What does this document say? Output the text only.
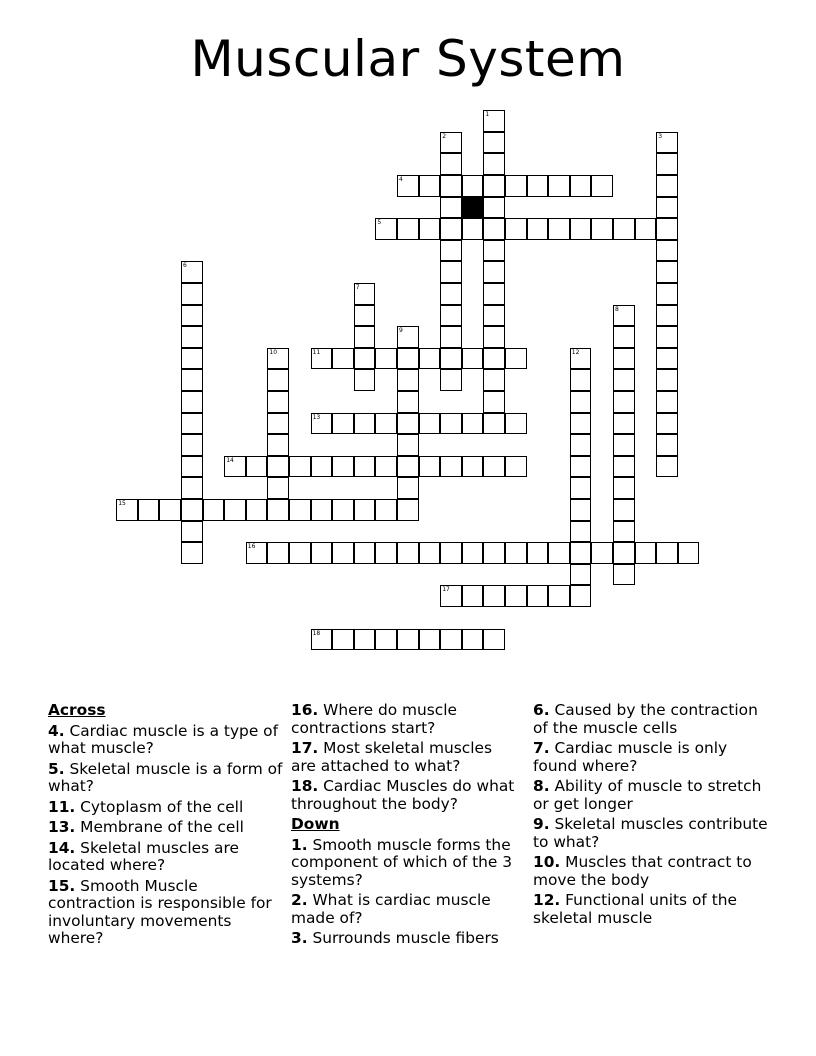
Muscular System
1
2	3
4
5
6
7
8
9
10	11	12
13
14
15
16
17
18
Across
4. Cardiac muscle is a type of what muscle?
5. Skeletal muscle is a form of what?
11. Cytoplasm of the cell
13. Membrane of the cell
14. Skeletal muscles are located where?
15. Smooth Muscle contraction is responsible for involuntary movements where?
16. Where do muscle contractions start?
17. Most skeletal muscles are attached to what?
18. Cardiac Muscles do what throughout the body?
Down
1. Smooth muscle forms the component of which of the 3 systems?
2. What is cardiac muscle made of?
3. Surrounds muscle fibers
6. Caused by the contraction of the muscle cells
7. Cardiac muscle is only found where?
8. Ability of muscle to stretch or get longer
9. Skeletal muscles contribute to what?
10. Muscles that contract to move the body
12. Functional units of the skeletal muscle
